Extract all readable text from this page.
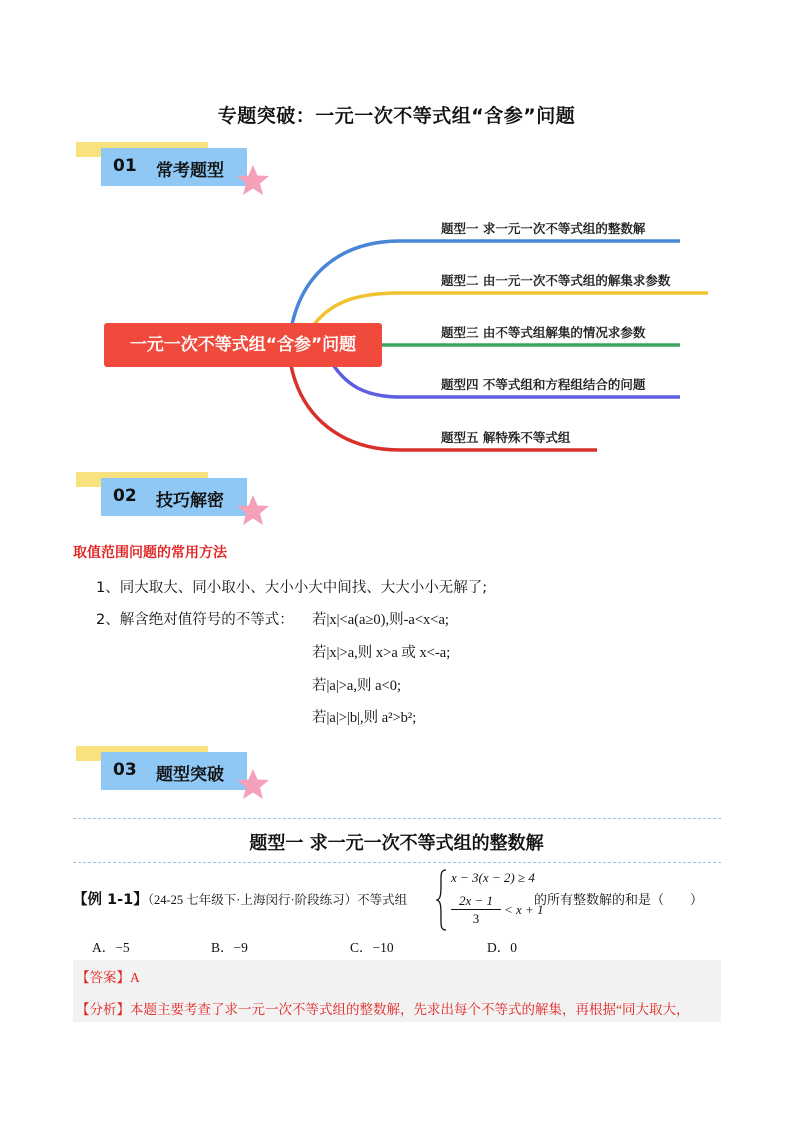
专题突破：一元一次不等式组“含参”问题
01 常考题型
一元一次不等式组“含参”问题
题型一 求一元一次不等式组的整数解
题型二 由一元一次不等式组的解集求参数
题型三 由不等式组解集的情况求参数
题型四 不等式组和方程组结合的问题
题型五 解特殊不等式组
02 技巧解密
取值范围问题的常用方法
1、同大取大、同小取小、大小小大中间找、大大小小无解了;
2、解含绝对值符号的不等式： 若|x|<a(a≥0),则-a<x<a;
若|x|>a,则 x>a 或 x<-a;
若|a|>a,则 a<0;
若|a|>|b|,则 a²>b²;
03 题型突破
题型一 求一元一次不等式组的整数解
【例 1-1】（24-25 七年级下·上海闵行·阶段练习）不等式组
x − 3(x − 2) ≥ 4
2x − 1
3
< x + 1
的所有整数解的和是（　　）
A．−5	B．−9	C．−10	D．0
【答案】A
【分析】本题主要考查了求一元一次不等式组的整数解，先求出每个不等式的解集，再根据“同大取大，
